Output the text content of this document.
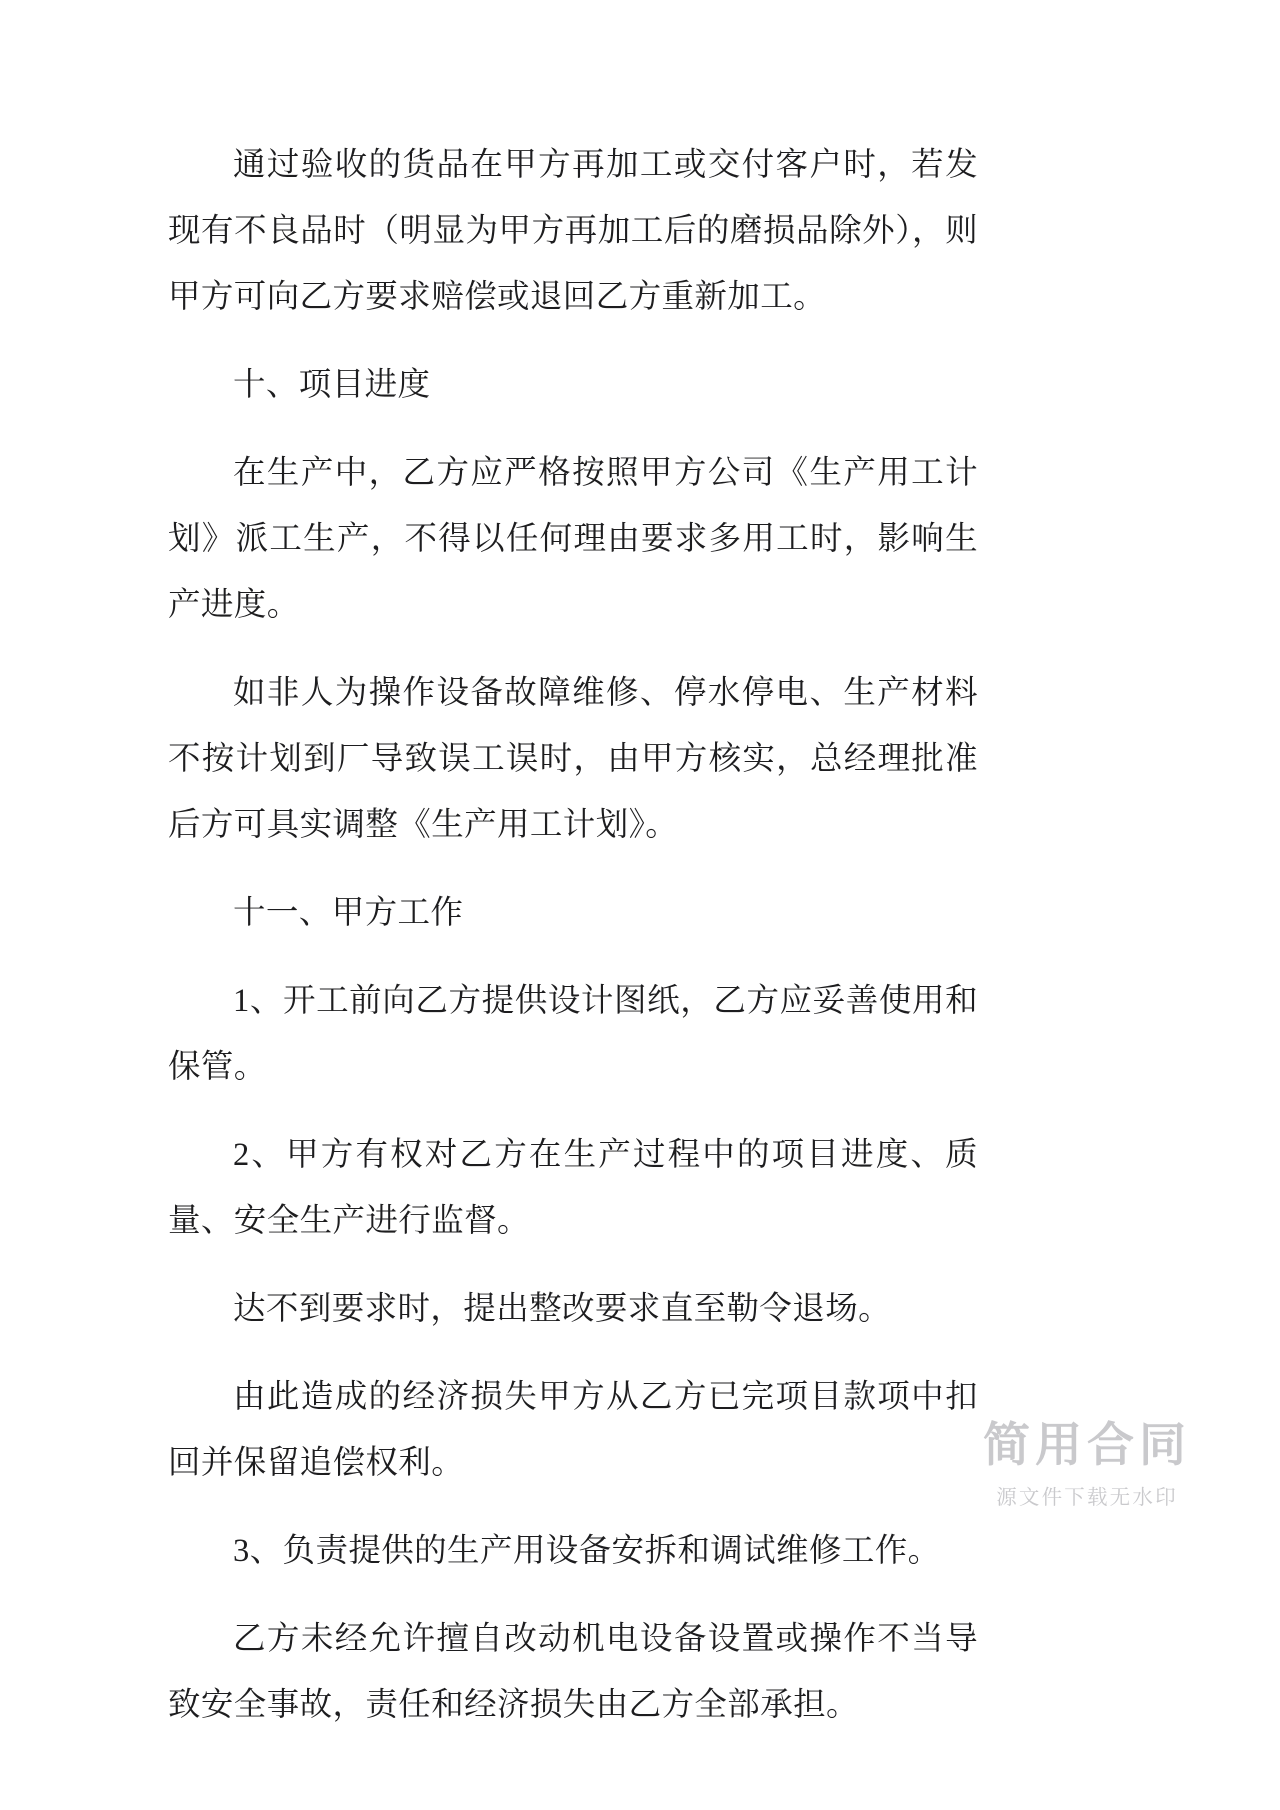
通过验收的货品在甲方再加工或交付客户时，若发现有不良品时（明显为甲方再加工后的磨损品除外），则甲方可向乙方要求赔偿或退回乙方重新加工。

十、项目进度

在生产中，乙方应严格按照甲方公司《生产用工计划》派工生产，不得以任何理由要求多用工时，影响生产进度。

如非人为操作设备故障维修、停水停电、生产材料不按计划到厂导致误工误时，由甲方核实，总经理批准后方可具实调整《生产用工计划》。

十一、甲方工作

1、开工前向乙方提供设计图纸，乙方应妥善使用和保管。

2、甲方有权对乙方在生产过程中的项目进度、质量、安全生产进行监督。

达不到要求时，提出整改要求直至勒令退场。

由此造成的经济损失甲方从乙方已完项目款项中扣回并保留追偿权利。

3、负责提供的生产用设备安拆和调试维修工作。

乙方未经允许擅自改动机电设备设置或操作不当导致安全事故，责任和经济损失由乙方全部承担。

简用合同
源文件下载无水印
